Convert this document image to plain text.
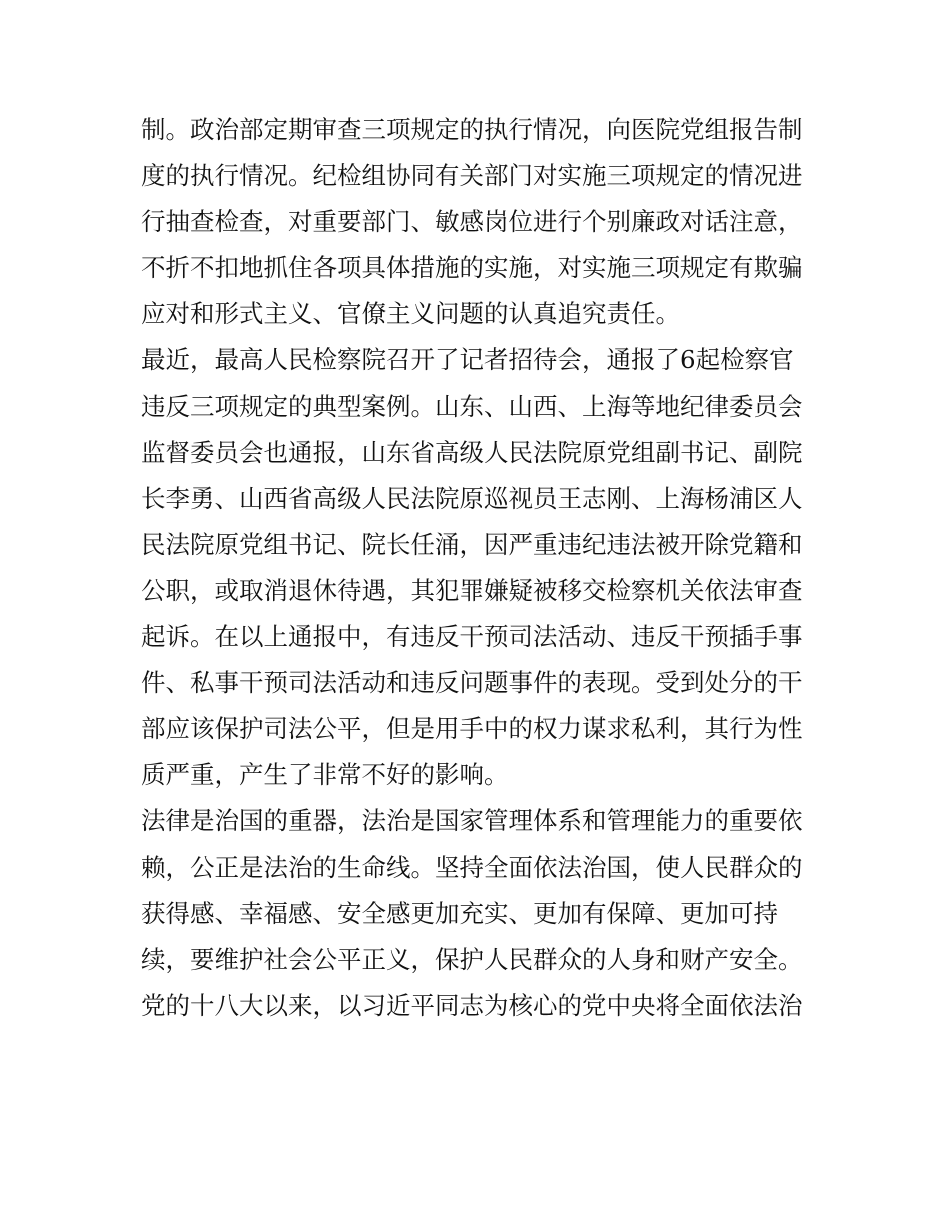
制。政治部定期审查三项规定的执行情况，向医院党组报告制
度的执行情况。纪检组协同有关部门对实施三项规定的情况进
行抽查检查，对重要部门、敏感岗位进行个别廉政对话注意，
不折不扣地抓住各项具体措施的实施，对实施三项规定有欺骗
应对和形式主义、官僚主义问题的认真追究责任。
最近，最高人民检察院召开了记者招待会，通报了6起检察官
违反三项规定的典型案例。山东、山西、上海等地纪律委员会
监督委员会也通报，山东省高级人民法院原党组副书记、副院
长李勇、山西省高级人民法院原巡视员王志刚、上海杨浦区人
民法院原党组书记、院长任涌，因严重违纪违法被开除党籍和
公职，或取消退休待遇，其犯罪嫌疑被移交检察机关依法审查
起诉。在以上通报中，有违反干预司法活动、违反干预插手事
件、私事干预司法活动和违反问题事件的表现。受到处分的干
部应该保护司法公平，但是用手中的权力谋求私利，其行为性
质严重，产生了非常不好的影响。
法律是治国的重器，法治是国家管理体系和管理能力的重要依
赖，公正是法治的生命线。坚持全面依法治国，使人民群众的
获得感、幸福感、安全感更加充实、更加有保障、更加可持
续，要维护社会公平正义，保护人民群众的人身和财产安全。
党的十八大以来，以习近平同志为核心的党中央将全面依法治
